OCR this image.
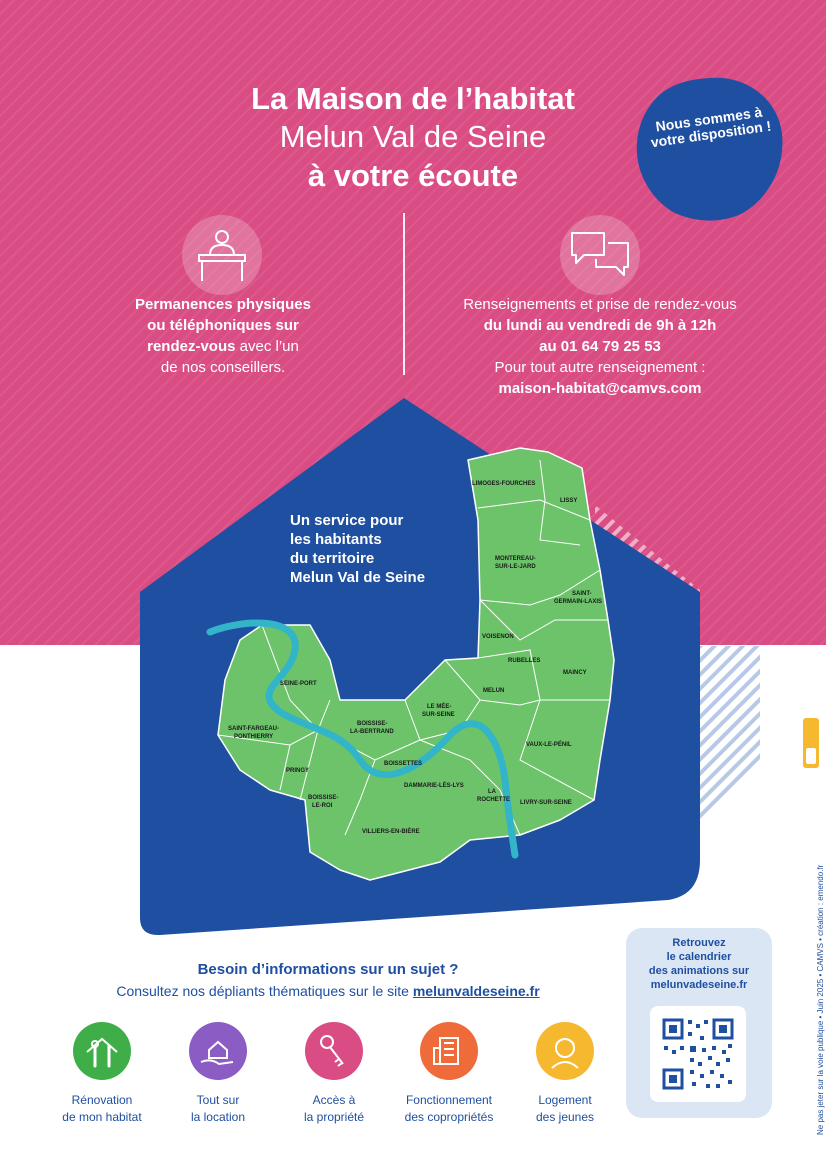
La Maison de l’habitat
Melun Val de Seine
à votre écoute
Nous sommes à votre disposition !
Permanences physiques
ou téléphoniques sur
rendez-vous avec l’un
de nos conseillers.
Renseignements et prise de rendez-vous
du lundi au vendredi de 9h à 12h
au 01 64 79 25 53
Pour tout autre renseignement :
maison-habitat@camvs.com
Un service pour
les habitants
du territoire
Melun Val de Seine
LIMOGES-FOURCHES
LISSY
MONTEREAU-
SUR-LE-JARD
SAINT-
GERMAIN-LAXIS
VOISENON
RUBELLES
MAINCY
SEINE-PORT
MELUN
LE MÉE-
SUR-SEINE
BOISSISE-
LA-BERTRAND
SAINT-FARGEAU-
PONTHIERRY
VAUX-LE-PÉNIL
BOISSETTES
PRINGY
DAMMARIE-LÈS-LYS
LA
ROCHETTE
BOISSISE-
LE-ROI	LIVRY-SUR-SEINE
VILLIERS-EN-BIÈRE
Besoin d’informations sur un sujet ?
Consultez nos dépliants thématiques sur le site melunvaldeseine.fr
Rénovation
de mon habitat
Tout sur
la location
Accès à
la propriété
Fonctionnement
des copropriétés
Logement
des jeunes
Retrouvez
le calendrier
des animations sur
melunvadeseine.fr	Ne pas jeter sur la voie publique • Juin 2025 • CAMVS • création : emendo.fr
